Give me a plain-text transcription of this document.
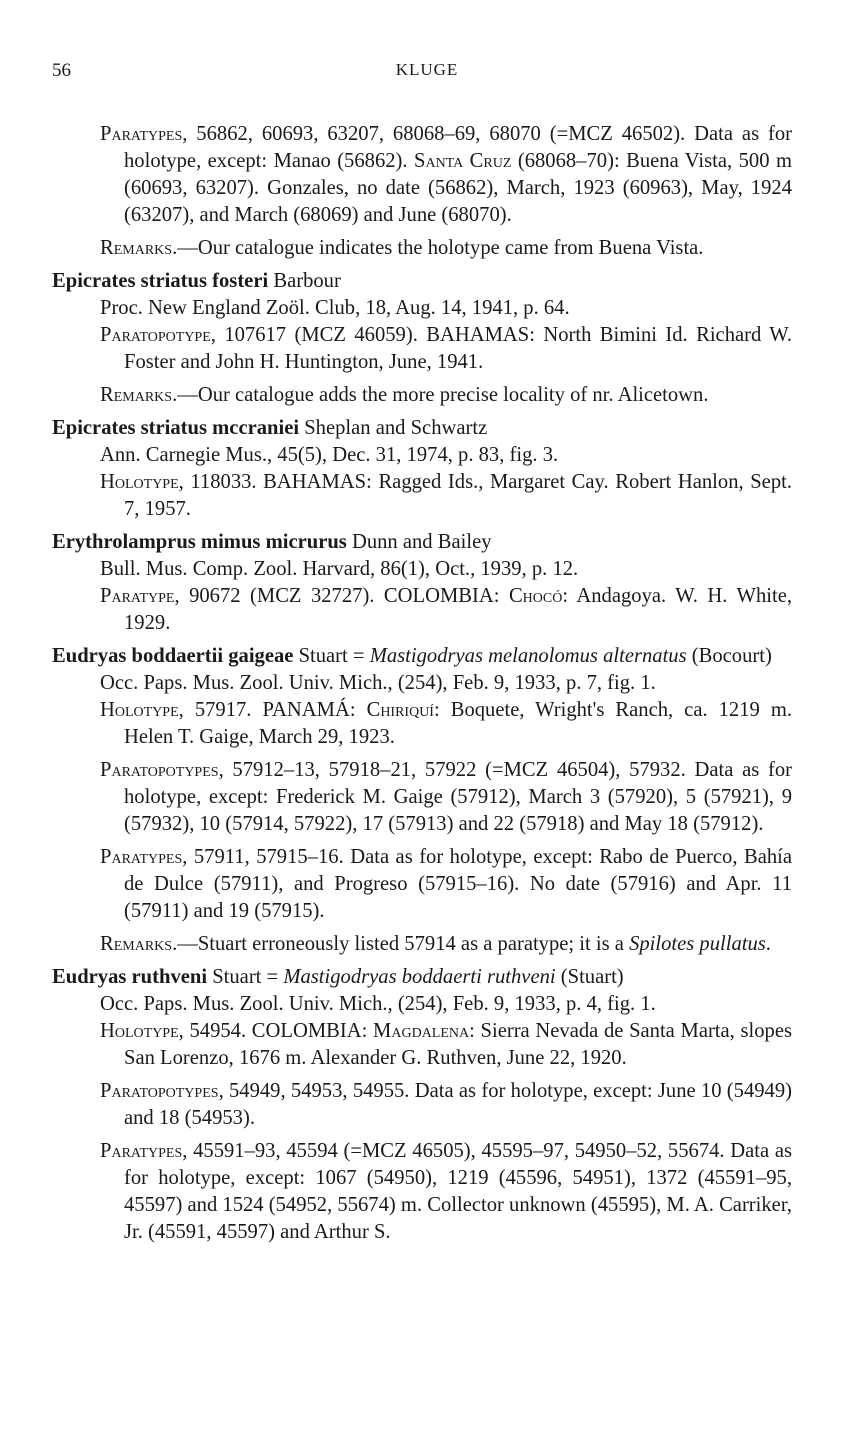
56	KLUGE

Paratypes, 56862, 60693, 63207, 68068–69, 68070 (=MCZ 46502). Data as for holotype, except: Manao (56862). Santa Cruz (68068–70): Buena Vista, 500 m (60693, 63207). Gonzales, no date (56862), March, 1923 (60963), May, 1924 (63207), and March (68069) and June (68070).

Remarks.—Our catalogue indicates the holotype came from Buena Vista.

Epicrates striatus fosteri Barbour

Proc. New England Zoöl. Club, 18, Aug. 14, 1941, p. 64.

Paratopotype, 107617 (MCZ 46059). BAHAMAS: North Bimini Id. Richard W. Foster and John H. Huntington, June, 1941.

Remarks.—Our catalogue adds the more precise locality of nr. Alicetown.

Epicrates striatus mccraniei Sheplan and Schwartz

Ann. Carnegie Mus., 45(5), Dec. 31, 1974, p. 83, fig. 3.

Holotype, 118033. BAHAMAS: Ragged Ids., Margaret Cay. Robert Hanlon, Sept. 7, 1957.

Erythrolamprus mimus micrurus Dunn and Bailey

Bull. Mus. Comp. Zool. Harvard, 86(1), Oct., 1939, p. 12.

Paratype, 90672 (MCZ 32727). COLOMBIA: Chocó: Andagoya. W. H. White, 1929.

Eudryas boddaertii gaigeae Stuart = Mastigodryas melanolomus alternatus (Bocourt)

Occ. Paps. Mus. Zool. Univ. Mich., (254), Feb. 9, 1933, p. 7, fig. 1.

Holotype, 57917. PANAMÁ: Chiriquí: Boquete, Wright's Ranch, ca. 1219 m. Helen T. Gaige, March 29, 1923.

Paratopotypes, 57912–13, 57918–21, 57922 (=MCZ 46504), 57932. Data as for holotype, except: Frederick M. Gaige (57912), March 3 (57920), 5 (57921), 9 (57932), 10 (57914, 57922), 17 (57913) and 22 (57918) and May 18 (57912).

Paratypes, 57911, 57915–16. Data as for holotype, except: Rabo de Puerco, Bahía de Dulce (57911), and Progreso (57915–16). No date (57916) and Apr. 11 (57911) and 19 (57915).

Remarks.—Stuart erroneously listed 57914 as a paratype; it is a Spilotes pullatus.

Eudryas ruthveni Stuart = Mastigodryas boddaerti ruthveni (Stuart)

Occ. Paps. Mus. Zool. Univ. Mich., (254), Feb. 9, 1933, p. 4, fig. 1.

Holotype, 54954. COLOMBIA: Magdalena: Sierra Nevada de Santa Marta, slopes San Lorenzo, 1676 m. Alexander G. Ruthven, June 22, 1920.

Paratopotypes, 54949, 54953, 54955. Data as for holotype, except: June 10 (54949) and 18 (54953).

Paratypes, 45591–93, 45594 (=MCZ 46505), 45595–97, 54950–52, 55674. Data as for holotype, except: 1067 (54950), 1219 (45596, 54951), 1372 (45591–95, 45597) and 1524 (54952, 55674) m. Collector unknown (45595), M. A. Carriker, Jr. (45591, 45597) and Arthur S.
